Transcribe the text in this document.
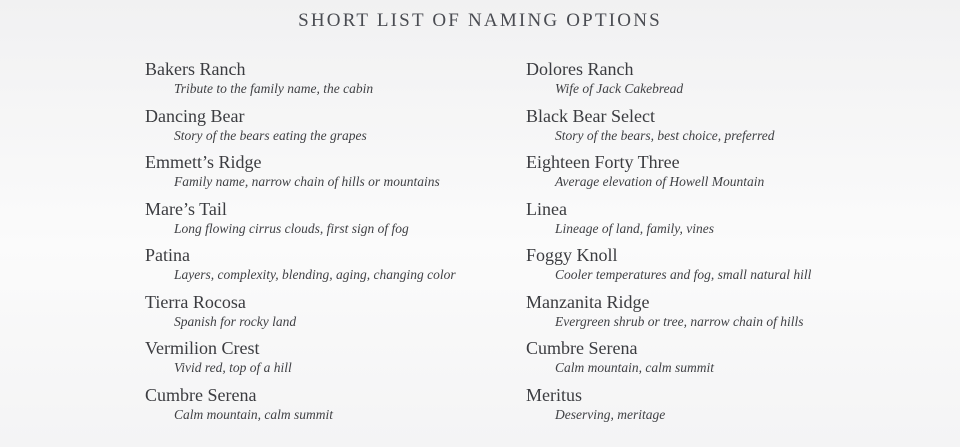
SHORT LIST OF NAMING OPTIONS
Bakers Ranch
Tribute to the family name, the cabin
Dancing Bear
Story of the bears eating the grapes
Emmett’s Ridge
Family name, narrow chain of hills or mountains
Mare’s Tail
Long flowing cirrus clouds, first sign of fog
Patina
Layers, complexity, blending, aging, changing color
Tierra Rocosa
Spanish for rocky land
Vermilion Crest
Vivid red, top of a hill
Cumbre Serena
Calm mountain, calm summit
Dolores Ranch
Wife of Jack Cakebread
Black Bear Select
Story of the bears, best choice, preferred
Eighteen Forty Three
Average elevation of Howell Mountain
Linea
Lineage of land, family, vines
Foggy Knoll
Cooler temperatures and fog, small natural hill
Manzanita Ridge
Evergreen shrub or tree, narrow chain of hills
Cumbre Serena
Calm mountain, calm summit
Meritus
Deserving, meritage
